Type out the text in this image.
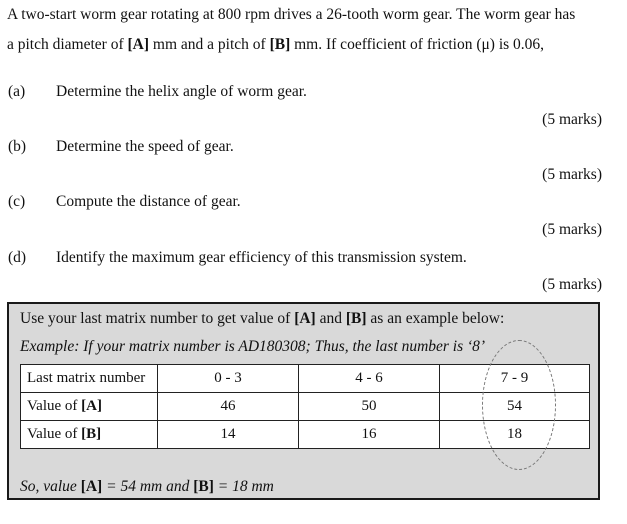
A two-start worm gear rotating at 800 rpm drives a 26-tooth worm gear. The worm gear has
a pitch diameter of [A] mm and a pitch of [B] mm. If coefficient of friction (μ) is 0.06,
(a) Determine the helix angle of worm gear.
(5 marks)
(b) Determine the speed of gear.
(5 marks)
(c) Compute the distance of gear.
(5 marks)
(d) Identify the maximum gear efficiency of this transmission system.
(5 marks)
Use your last matrix number to get value of [A] and [B] as an example below:
Example: If your matrix number is AD180308; Thus, the last number is ‘8’
Last matrix number	0 - 3	4 - 6	7 - 9
Value of [A]	46	50	54
Value of [B]	14	16	18
So, value [A] = 54 mm and [B] = 18 mm
